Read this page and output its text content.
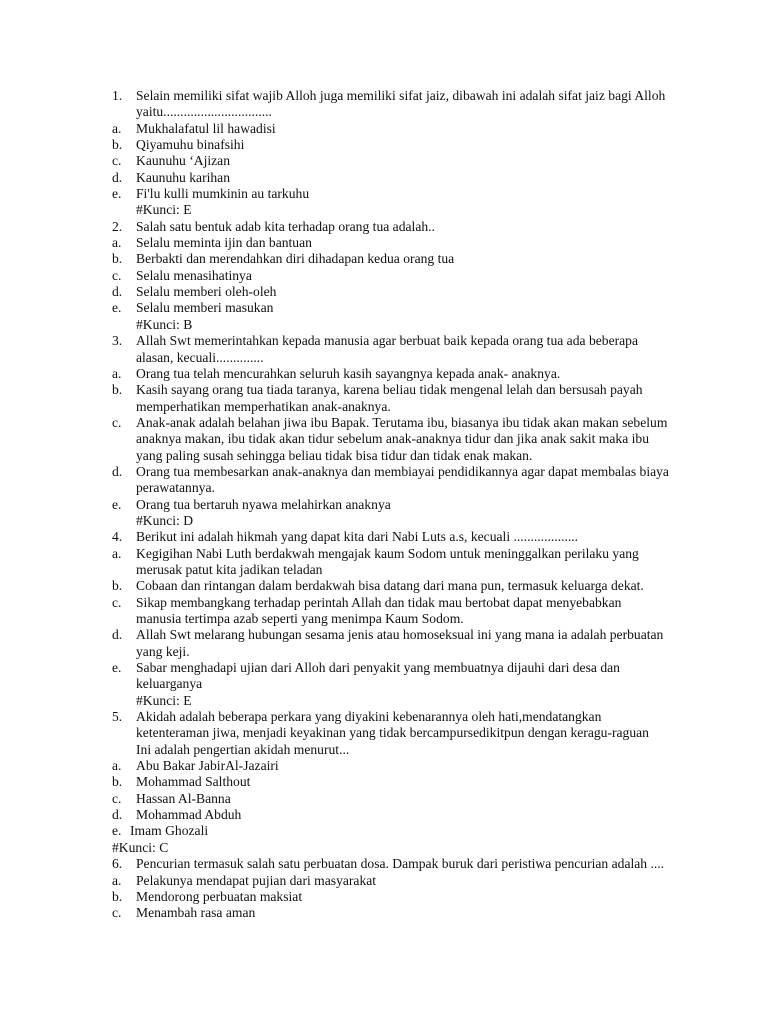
1. Selain memiliki sifat wajib Alloh juga memiliki sifat jaiz, dibawah ini adalah sifat jaiz bagi Alloh
yaitu................................
a. Mukhalafatul lil hawadisi
b. Qiyamuhu binafsihi
c. Kaunuhu ‘Ajizan
d. Kaunuhu karihan
e. Fi'lu kulli mumkinin au tarkuhu
#Kunci: E
2. Salah satu bentuk adab kita terhadap orang tua adalah..
a. Selalu meminta ijin dan bantuan
b. Berbakti dan merendahkan diri dihadapan kedua orang tua
c. Selalu menasihatinya
d. Selalu memberi oleh-oleh
e. Selalu memberi masukan
#Kunci: B
3. Allah Swt memerintahkan kepada manusia agar berbuat baik kepada orang tua ada beberapa
alasan, kecuali..............
a. Orang tua telah mencurahkan seluruh kasih sayangnya kepada anak- anaknya.
b. Kasih sayang orang tua tiada taranya, karena beliau tidak mengenal lelah dan bersusah payah
memperhatikan memperhatikan anak-anaknya.
c. Anak-anak adalah belahan jiwa ibu Bapak. Terutama ibu, biasanya ibu tidak akan makan sebelum
anaknya makan, ibu tidak akan tidur sebelum anak-anaknya tidur dan jika anak sakit maka ibu
yang paling susah sehingga beliau tidak bisa tidur dan tidak enak makan.
d. Orang tua membesarkan anak-anaknya dan membiayai pendidikannya agar dapat membalas biaya
perawatannya.
e. Orang tua bertaruh nyawa melahirkan anaknya
#Kunci: D
4. Berikut ini adalah hikmah yang dapat kita dari Nabi Luts a.s, kecuali ...................
a. Kegigihan Nabi Luth berdakwah mengajak kaum Sodom untuk meninggalkan perilaku yang
merusak patut kita jadikan teladan
b. Cobaan dan rintangan dalam berdakwah bisa datang dari mana pun, termasuk keluarga dekat.
c. Sikap membangkang terhadap perintah Allah dan tidak mau bertobat dapat menyebabkan
manusia tertimpa azab seperti yang menimpa Kaum Sodom.
d. Allah Swt melarang hubungan sesama jenis atau homoseksual ini yang mana ia adalah perbuatan
yang keji.
e. Sabar menghadapi ujian dari Alloh dari penyakit yang membuatnya dijauhi dari desa dan
keluarganya
#Kunci: E
5. Akidah adalah beberapa perkara yang diyakini kebenarannya oleh hati,mendatangkan
ketenteraman jiwa, menjadi keyakinan yang tidak bercampursedikitpun dengan keragu-raguan
Ini adalah pengertian akidah menurut...
a. Abu Bakar JabirAl-Jazairi
b. Mohammad Salthout
c. Hassan Al-Banna
d. Mohammad Abduh
e. Imam Ghozali
#Kunci: C
6. Pencurian termasuk salah satu perbuatan dosa. Dampak buruk dari peristiwa pencurian adalah ....
a. Pelakunya mendapat pujian dari masyarakat
b. Mendorong perbuatan maksiat
c. Menambah rasa aman
